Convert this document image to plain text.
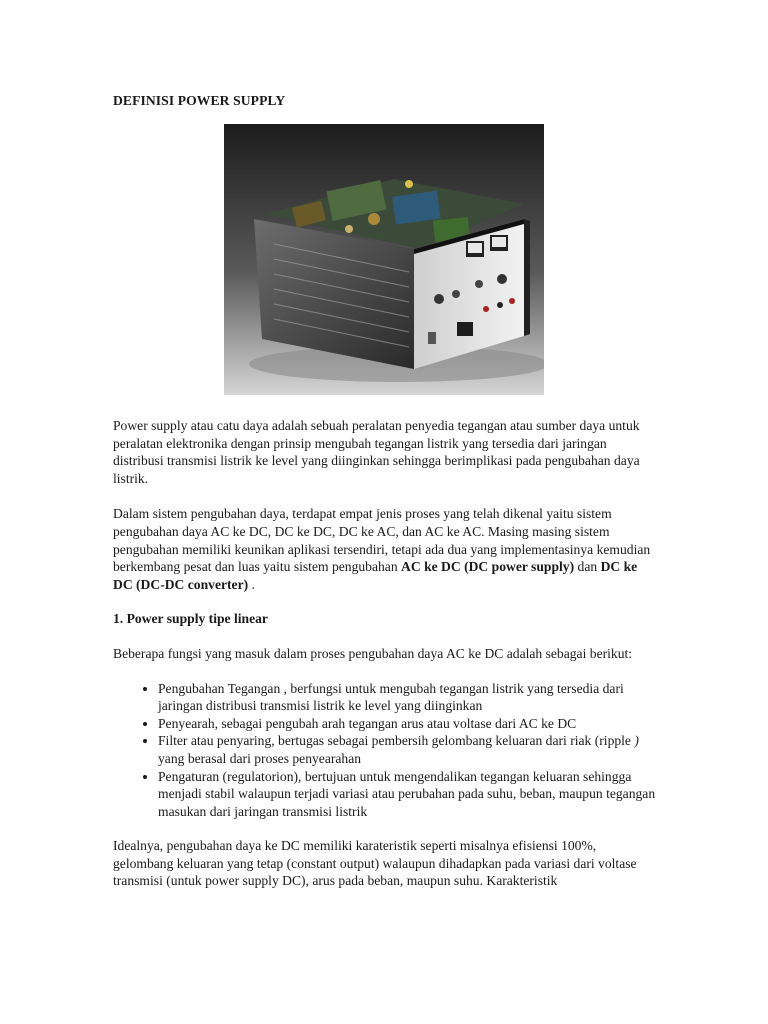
DEFINISI POWER SUPPLY

Power supply atau catu daya adalah sebuah peralatan penyedia tegangan atau sumber daya untuk peralatan elektronika dengan prinsip mengubah tegangan listrik yang tersedia dari jaringan distribusi transmisi listrik ke level yang diinginkan sehingga berimplikasi pada pengubahan daya listrik.

Dalam sistem pengubahan daya, terdapat empat jenis proses yang telah dikenal yaitu sistem pengubahan daya AC ke DC, DC ke DC, DC ke AC, dan AC ke AC. Masing masing sistem pengubahan memiliki keunikan aplikasi tersendiri, tetapi ada dua yang implementasinya kemudian berkembang pesat dan luas yaitu sistem pengubahan AC ke DC (DC power supply) dan DC ke DC (DC-DC converter) .

1. Power supply tipe linear

Beberapa fungsi yang masuk dalam proses pengubahan daya AC ke DC adalah sebagai berikut:

• Pengubahan Tegangan , berfungsi untuk mengubah tegangan listrik yang tersedia dari jaringan distribusi transmisi listrik ke level yang diinginkan
• Penyearah, sebagai pengubah arah tegangan arus atau voltase dari AC ke DC
• Filter atau penyaring, bertugas sebagai pembersih gelombang keluaran dari riak (ripple ) yang berasal dari proses penyearahan
• Pengaturan (regulatorion), bertujuan untuk mengendalikan tegangan keluaran sehingga menjadi stabil walaupun terjadi variasi atau perubahan pada suhu, beban, maupun tegangan masukan dari jaringan transmisi listrik

Idealnya, pengubahan daya ke DC memiliki karateristik seperti misalnya efisiensi 100%, gelombang keluaran yang tetap (constant output) walaupun dihadapkan pada variasi dari voltase transmisi (untuk power supply DC), arus pada beban, maupun suhu. Karakteristik
